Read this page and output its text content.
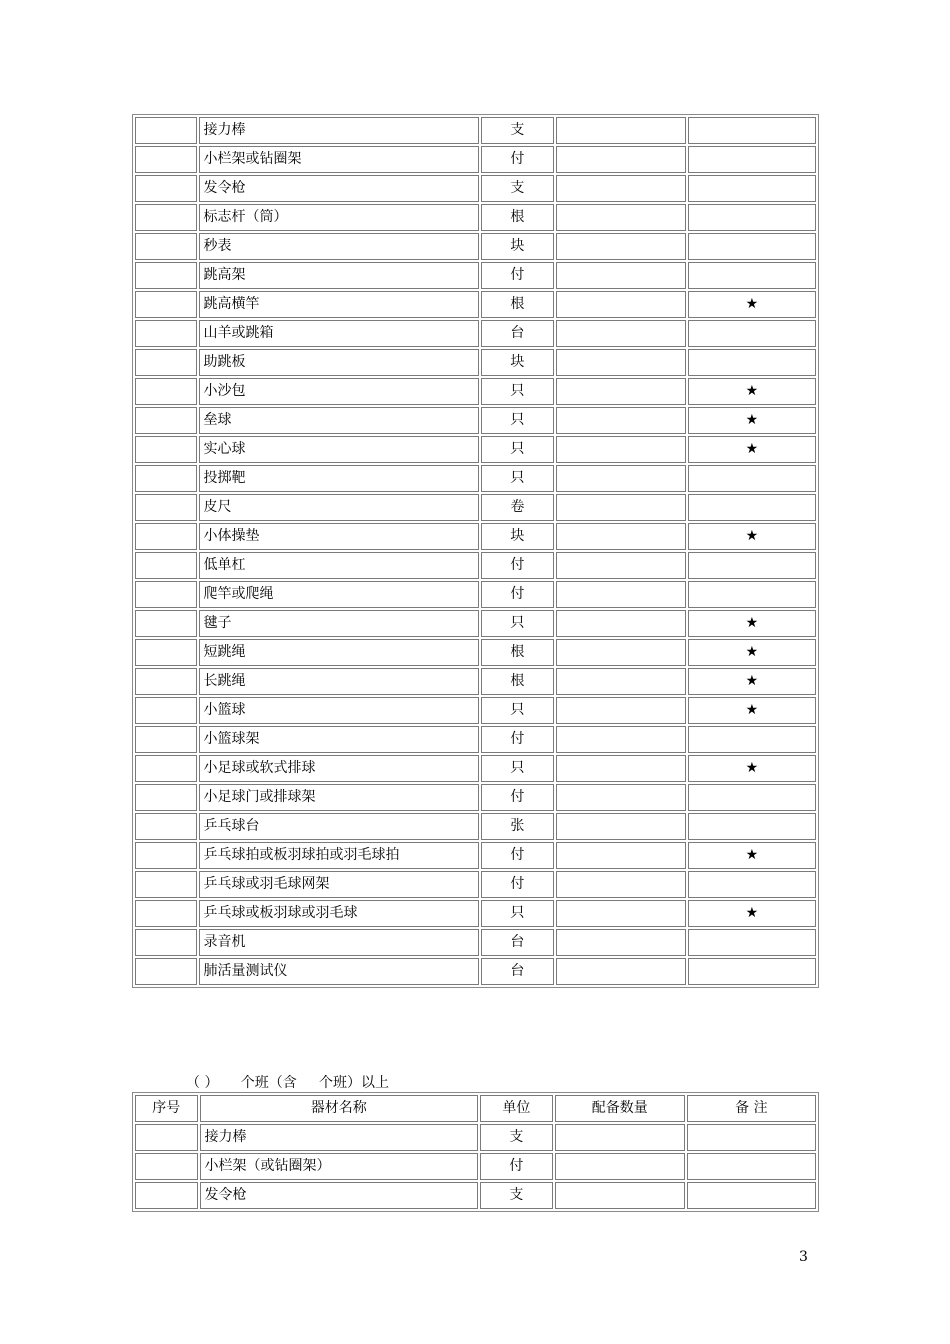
	接力棒	支		
	小栏架或钻圈架	付		
	发令枪	支		
	标志杆（筒）	根		
	秒表	块		
	跳高架	付		
	跳高横竿	根		★
	山羊或跳箱	台		
	助跳板	块		
	小沙包	只		★
	垒球	只		★
	实心球	只		★
	投掷靶	只		
	皮尺	卷		
	小体操垫	块		★
	低单杠	付		
	爬竿或爬绳	付		
	毽子	只		★
	短跳绳	根		★
	长跳绳	根		★
	小篮球	只		★
	小篮球架	付		
	小足球或软式排球	只		★
	小足球门或排球架	付		
	乒乓球台	张		
	乒乓球拍或板羽球拍或羽毛球拍	付		★
	乒乓球或羽毛球网架	付		
	乒乓球或板羽球或羽毛球	只		★
	录音机	台		
	肺活量测试仪	台		
（ ）     个班（含     个班）以上
序号	器材名称	单位	配备数量	备 注
	接力棒	支		
	小栏架（或钻圈架）	付		
	发令枪	支		
3
